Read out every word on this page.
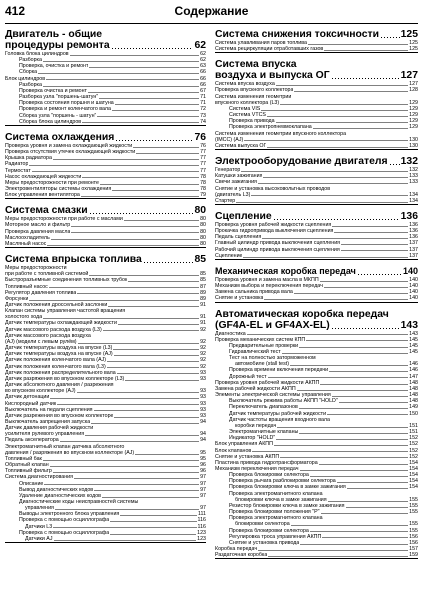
412	Содержание
Двигатель - общие
процедуры ремонта	62
Головка блока цилиндров	62
Разборка	62
Проверка, очистка и ремонт	63
Сборка	66
Блок цилиндров	66
Разборка	66
Проверка очистка и ремонт	67
Разборка узла "поршень-шатун"	71
Проверка состояния поршня и шатуна	71
Проверка и ремонт коленчатого вала	72
Сборка узла "поршень - шатун"	73
Сборка блока цилиндров	74
Система охлаждения	76
Проверка уровня и замена охлаждающей жидкости	76
Проверка отсутствия утечек охлаждающей жидкости	77
Крышка радиатора	77
Радиатор	77
Термостат	77
Насос охлаждающей жидкости	78
Меры предосторожности при ремонте	78
Электровентиляторы системы охлаждения	78
Блок управления вентилятора	79
Система смазки	80
Меры предосторожности при работе с маслами	80
Моторное масло и фильтр	80
Проверка давления масла	80
Маслоохладитель	80
Масляный насос	80
Система впрыска топлива	85
Меры предосторожности
при работе с топливной системой	85
Быстроразъемные соединения топливных трубок	85
Топливный насос	87
Регулятор давления топлива	89
Форсунки	89
Датчик положения дроссельной заслонки	91
Клапан системы управления частотой вращения
холостого хода	91
Датчик температуры охлаждающей жидкости	91
Датчик массового расхода воздуха (L3)	92
Датчик массового расхода воздуха
(AJ) (модели с левым рулём)	92
Датчик температуры воздуха на впуске (L3)	92
Датчик температуры воздуха на впуске (AJ)	92
Датчик положения коленчатого вала (AJ)	92
Датчик положения коленчатого вала (L3)	92
Датчик положения распределительного вала	93
Датчик разряжения во впускном коллекторе (L3)	93
Датчик абсолютного давления / разрежения
во впускном коллекторе (AJ)	93
Датчик детонации	93
Кислородный датчик	93
Выключатель на педали сцепления	93
Датчик разрежения во впускном коллекторе	93
Выключатель запрещения запуска	94
Датчик давления рабочей жидкости
усилителя рулевого управления	94
Педаль акселератора	94
Электромагнитный клапан датчика абсолютного
давления / разряжения во впускном коллекторе (AJ)	95
Топливный бак	95
Обратный клапан	96
Топливный фильтр	96
Система диагностирования	97
Описание	97
Вывод диагностических кодов	97
Удаление диагностических кодов	97
Диагностические коды неисправностей системы
управления	97
Выводы электронного блока управления	111
Проверка с помощью осциллографа	116
Датчики L3	116
Проверка с помощью осциллографа	123
Датчики AJ	123
Система снижения токсичности 125
Система улавливания паров топлива	125
Система рециркуляции отработавших газов	125
Система впуска
воздуха и выпуска ОГ	127
Система впуска воздуха	127
Проверка впускного коллектора	128
Система изменения геометрии
впускного коллектора (L3)	129
Система VIS	129
Система VTCS	129
Проверка привода	129
Проверка электропневмоклапана	129
Система изменения геометрии впускного коллектора
(IMCC) (AJ)	130
Система выпуска ОГ	130
Электрооборудование двигателя 132
Генератор	132
Катушки зажигания	133
Свечи зажигания	133
Снятие и установка высоковольтных проводов
(двигатель L3)	134
Стартер	134
Сцепление	136
Проверка уровня рабочей жидкости сцепления	136
Прокачка гидропривода выключения сцепления	136
Педаль сцепления	136
Главный цилиндр привода выключения сцепления	137
Рабочий цилиндр привода выключения сцепления	137
Сцепление	137
Механическая коробка передач	140
Проверка уровня и замена масла в МКПП	140
Механизм выбора и переключения передач	140
Замена сальника привода вала	140
Снятие и установка	140
Автоматическая коробка передач
(GF4A-EL и GF4AX-EL)	143
Диагностика	143
Проверка механических систем КПП	145
Предварительные проверки	145
Гидравлический тест	145
Тест на полностью заторможенном
автомобиле (stall test)	146
Проверка времени включения передачи	146
Дорожный тест	147
Проверка уровня рабочей жидкости АКПП	148
Замена рабочей жидкости АКПП	148
Элементы электрической системы управления	148
Выключатель режима работы АКПП "HOLD"	148
Переключатель диапазонов	149
Датчик температуры рабочей жидкости	150
Датчик частоты вращения входного вала
коробки передач	151
Электромагнитные клапаны	151
Индикатор "HOLD"	152
Блок управления АКПП	152
Блок клапанов	152
Снятие и установка АКПП	152
Пластина привода гидротрансформатора	154
Механизм переключения передач	154
Проверка блокировки селектора	154
Проверка рычага разблокировки селектора	154
Проверка блокировки ключа в замке зажигания	154
Проверка электромагнитного клапана
блокировки ключа в замке зажигания	155
Резистор блокировки ключа в замке зажигания	155
Проверка блокировки положения "P"	155
Проверка электромагнитного клапана
блокировки селектора	155
Проверка блокировки селектора	155
Регулировка троса управления АКПП	156
Снятие и установка привода	156
Коробка передач	157
Раздаточная коробка	159
